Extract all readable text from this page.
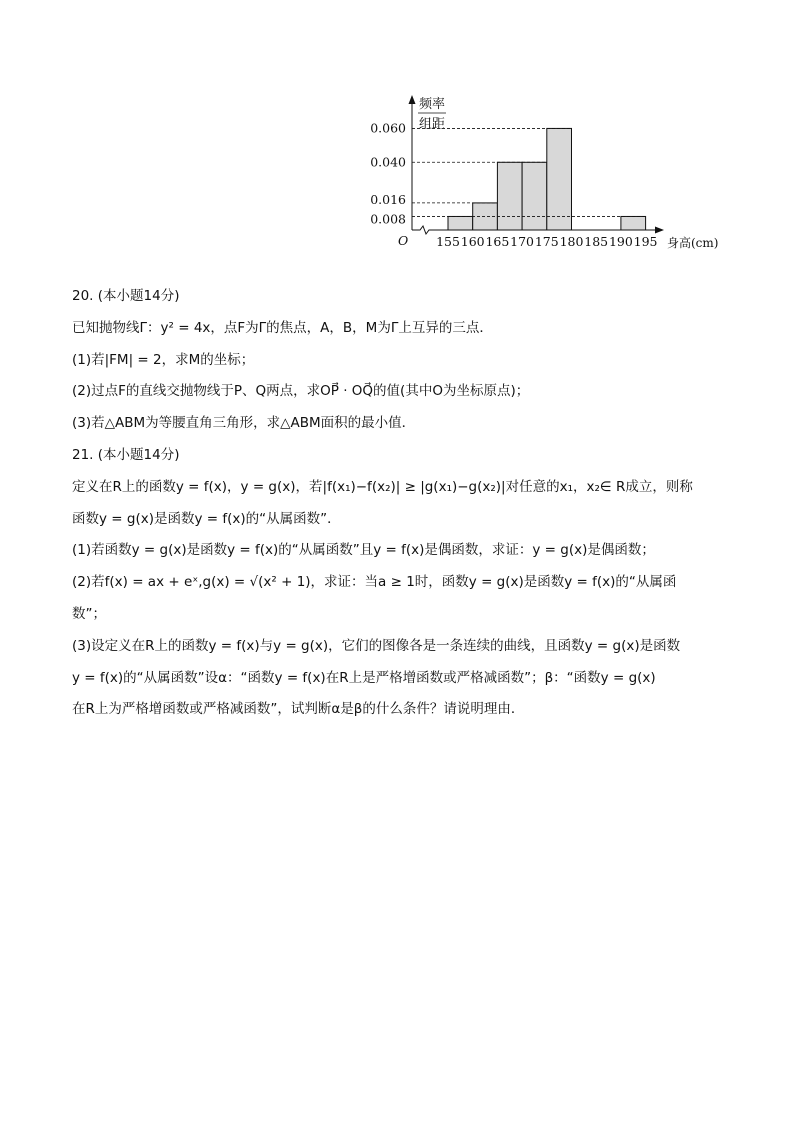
0.060
0.040
0.016
0.008
155 160 165 170 175 180 185 190 195
O
频率
组距
身高(cm)
20. (本小题14分)
已知抛物线Γ：y² = 4x，点F为Γ的焦点，A，B，M为Γ上互异的三点．
(1)若|FM| = 2，求M的坐标；
(2)过点F的直线交抛物线于P、Q两点，求OP⃗ · OQ⃗的值(其中O为坐标原点)；
(3)若△ABM为等腰直角三角形，求△ABM面积的最小值．
21. (本小题14分)
定义在R上的函数y = f(x)，y = g(x)，若|f(x₁)−f(x₂)| ≥ |g(x₁)−g(x₂)|对任意的x₁，x₂∈ R成立，则称
函数y = g(x)是函数y = f(x)的“从属函数”．
(1)若函数y = g(x)是函数y = f(x)的“从属函数”且y = f(x)是偶函数，求证：y = g(x)是偶函数；
(2)若f(x) = ax + eˣ,g(x) = √(x² + 1)，求证：当a ≥ 1时，函数y = g(x)是函数y = f(x)的“从属函
数”；
(3)设定义在R上的函数y = f(x)与y = g(x)，它们的图像各是一条连续的曲线，且函数y = g(x)是函数
y = f(x)的“从属函数”设α：“函数y = f(x)在R上是严格增函数或严格减函数”；β：“函数y = g(x)
在R上为严格增函数或严格减函数”，试判断α是β的什么条件？请说明理由．
